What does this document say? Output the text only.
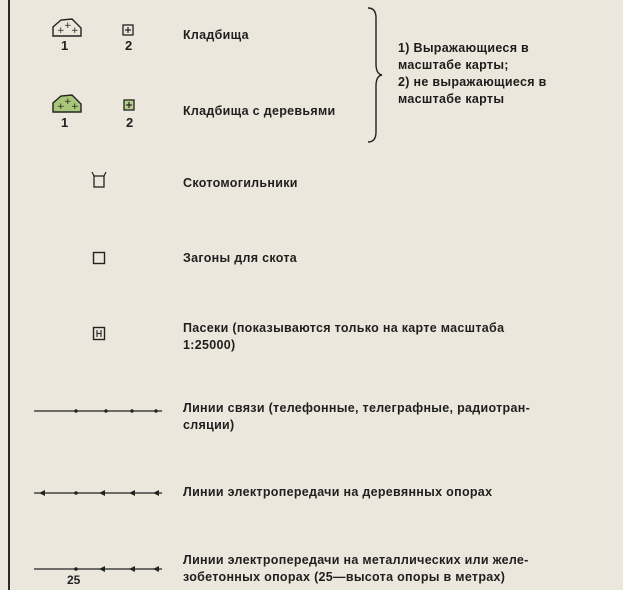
+ + +
1	2
Кладбища
1) Выражающиеся в
масштабе карты;
2) не выражающиеся в
масштабе карты
+ + +
1	2
Кладбища с деревьями
Скотомогильники
Загоны для скота
Пасеки (показываются только на карте масштаба
1:25000)
Линии связи (телефонные, телеграфные, радиотран-
сляции)
Линии электропередачи на деревянных опорах
25
Линии электропередачи на металлических или желе-
зобетонных опорах (25—высота опоры в метрах)
